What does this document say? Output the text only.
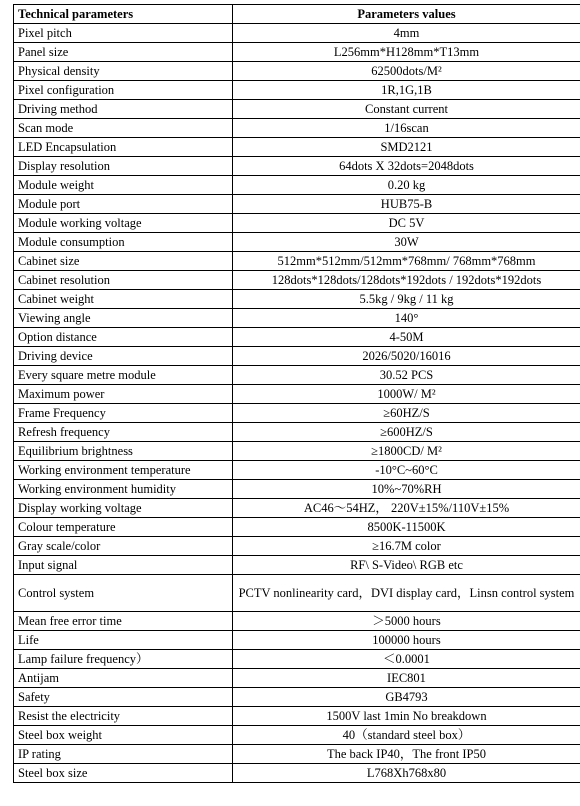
Technical parameters	Parameters values
Pixel pitch	4mm
Panel size	L256mm*H128mm*T13mm
Physical density	62500dots/M²
Pixel configuration	1R,1G,1B
Driving method	Constant current
Scan mode	1/16scan
LED Encapsulation	SMD2121
Display resolution	64dots X 32dots=2048dots
Module weight	0.20 kg
Module port	HUB75-B
Module working voltage	DC 5V
Module consumption	30W
Cabinet size	512mm*512mm/512mm*768mm/ 768mm*768mm
Cabinet resolution	128dots*128dots/128dots*192dots / 192dots*192dots
Cabinet weight	5.5kg / 9kg / 11 kg
Viewing angle	140°
Option distance	4-50M
Driving device	2026/5020/16016
Every square metre module	30.52 PCS
Maximum power	1000W/ M²
Frame Frequency	≥60HZ/S
Refresh frequency	≥600HZ/S
Equilibrium brightness	≥1800CD/ M²
Working environment temperature	-10°C~60°C
Working environment humidity	10%~70%RH
Display working voltage	AC46～54HZ， 220V±15%/110V±15%
Colour temperature	8500K-11500K
Gray scale/color	≥16.7M color
Input signal	RF\ S-Video\ RGB etc
Control system	PCTV nonlinearity card，DVI display card，Linsn control system
Mean free error time	＞5000 hours
Life	100000 hours
Lamp failure frequency）	＜0.0001
Antijam	IEC801
Safety	GB4793
Resist the electricity	1500V last 1min No breakdown
Steel box weight	40（standard steel box）
IP rating	The back IP40，The front IP50
Steel box size	L768Xh768x80
